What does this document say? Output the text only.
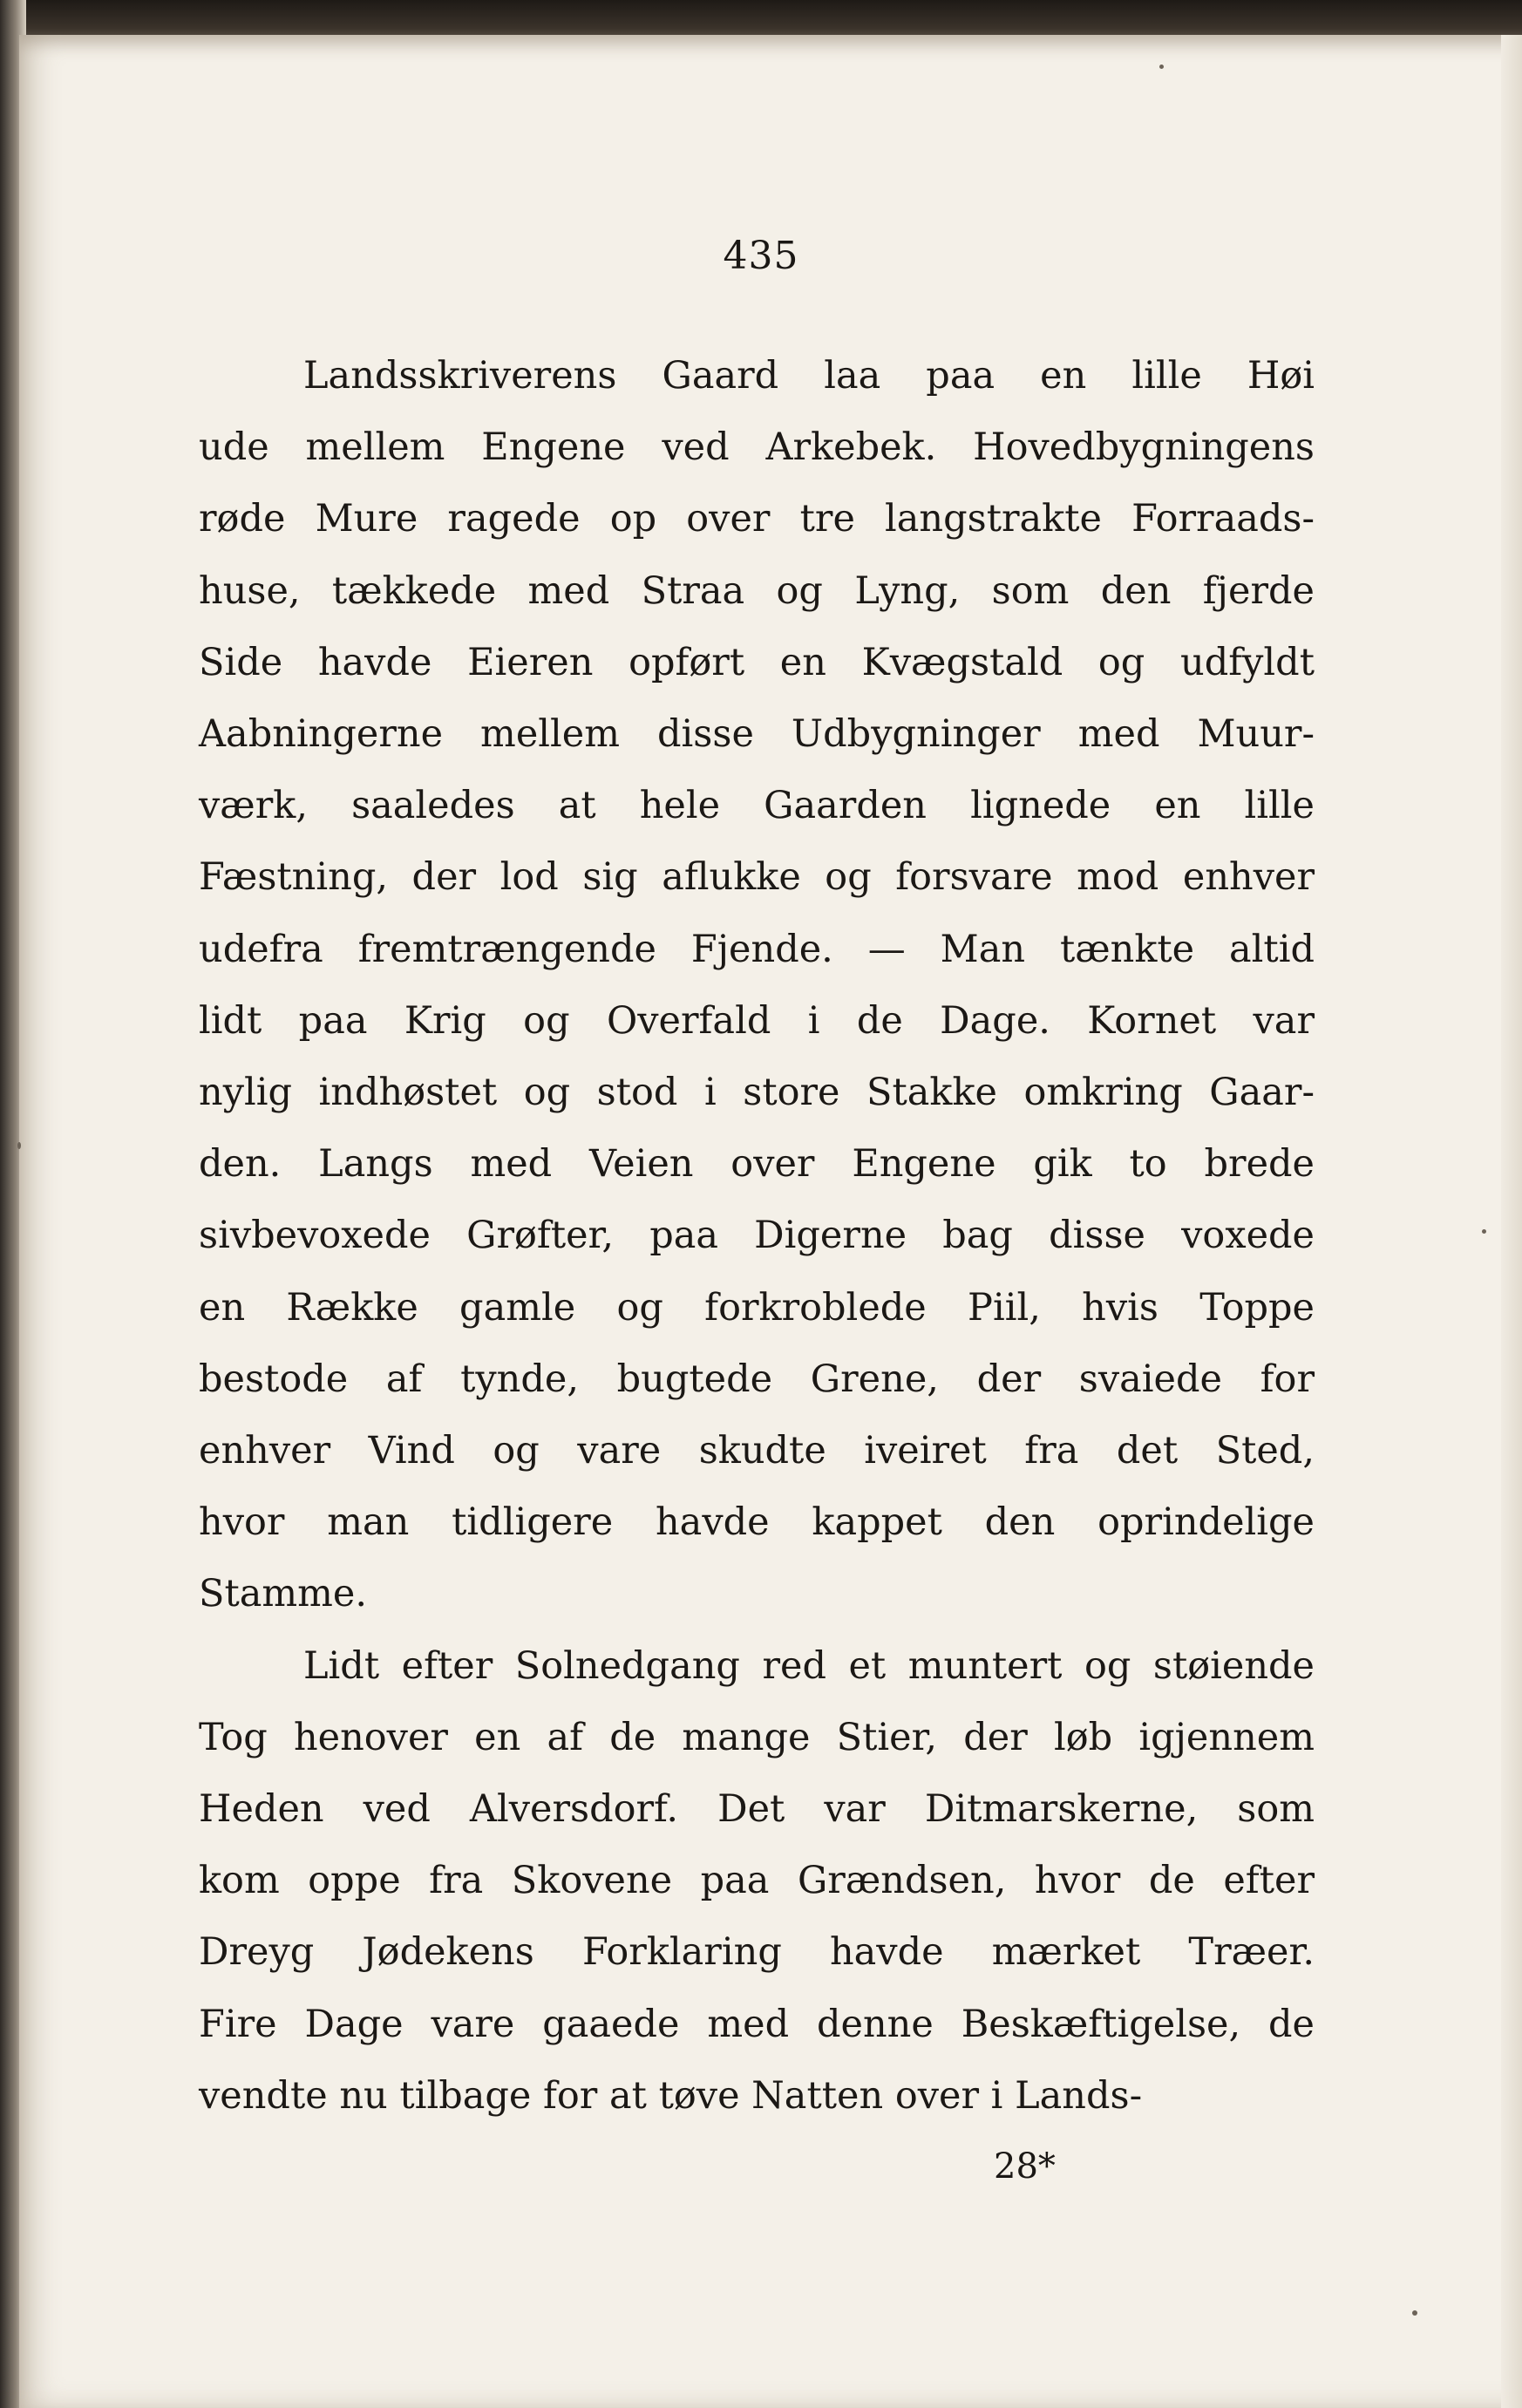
435
Landsskriverens Gaard laa paa en lille Høi
ude mellem Engene ved Arkebek. Hovedbygningens
røde Mure ragede op over tre langstrakte Forraads-
huse, tækkede med Straa og Lyng, som den fjerde
Side havde Eieren opført en Kvægstald og udfyldt
Aabningerne mellem disse Udbygninger med Muur-
værk, saaledes at hele Gaarden lignede en lille
Fæstning, der lod sig aflukke og forsvare mod enhver
udefra fremtrængende Fjende. — Man tænkte altid
lidt paa Krig og Overfald i de Dage. Kornet var
nylig indhøstet og stod i store Stakke omkring Gaar-
den. Langs med Veien over Engene gik to brede
sivbevoxede Grøfter, paa Digerne bag disse voxede
en Række gamle og forkroblede Piil, hvis Toppe
bestode af tynde, bugtede Grene, der svaiede for
enhver Vind og vare skudte iveiret fra det Sted,
hvor man tidligere havde kappet den oprindelige
Stamme.
Lidt efter Solnedgang red et muntert og støiende
Tog henover en af de mange Stier, der løb igjennem
Heden ved Alversdorf. Det var Ditmarskerne, som
kom oppe fra Skovene paa Grændsen, hvor de efter
Dreyg Jødekens Forklaring havde mærket Træer.
Fire Dage vare gaaede med denne Beskæftigelse, de
vendte nu tilbage for at tøve Natten over i Lands-
28*
